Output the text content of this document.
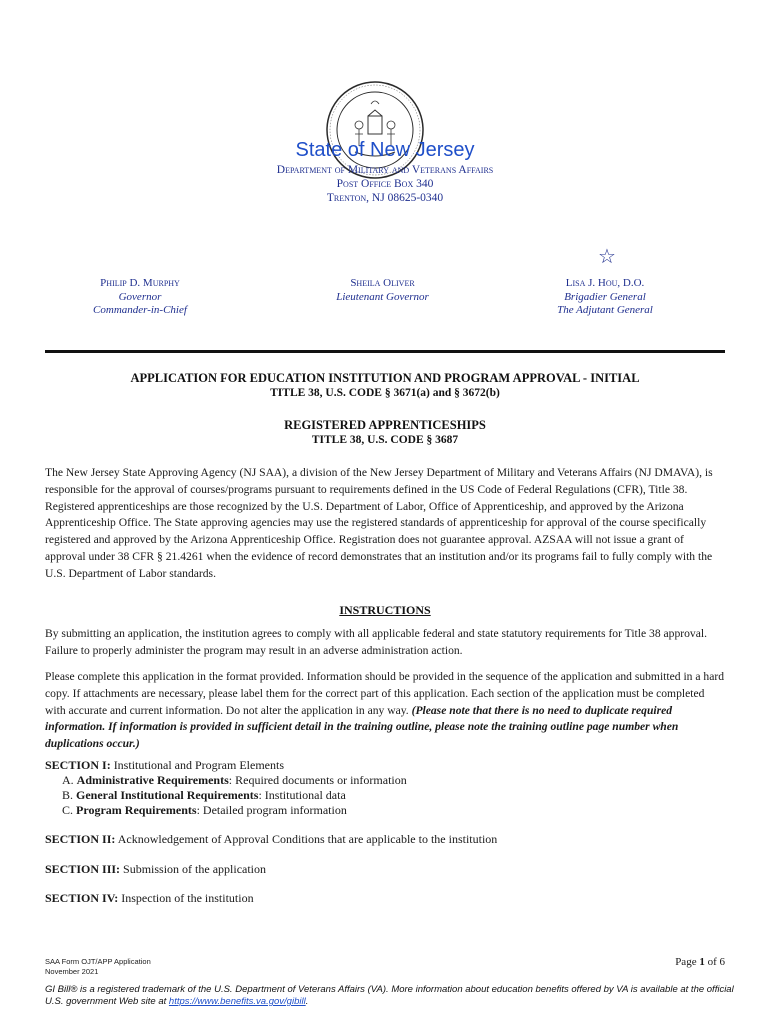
State of New Jersey
Department of Military and Veterans Affairs
Post Office Box 340
Trenton, NJ 08625-0340
☆
Philip D. Murphy
Governor
Commander-in-Chief
Sheila Oliver
Lieutenant Governor
Lisa J. Hou, D.O.
Brigadier General
The Adjutant General
APPLICATION FOR EDUCATION INSTITUTION AND PROGRAM APPROVAL - INITIAL
TITLE 38, U.S. CODE § 3671(a) and § 3672(b)
REGISTERED APPRENTICESHIPS
TITLE 38, U.S. CODE § 3687
The New Jersey State Approving Agency (NJ SAA), a division of the New Jersey Department of Military and Veterans Affairs (NJ DMAVA), is responsible for the approval of courses/programs pursuant to requirements defined in the US Code of Federal Regulations (CFR), Title 38. Registered apprenticeships are those recognized by the U.S. Department of Labor, Office of Apprenticeship, and approved by the Arizona Apprenticeship Office. The State approving agencies may use the registered standards of apprenticeship for approval of the course specifically registered and approved by the Arizona Apprenticeship Office. Registration does not guarantee approval. AZSAA will not issue a grant of approval under 38 CFR § 21.4261 when the evidence of record demonstrates that an institution and/or its programs fail to fully comply with the U.S. Department of Labor standards.
INSTRUCTIONS
By submitting an application, the institution agrees to comply with all applicable federal and state statutory requirements for Title 38 approval. Failure to properly administer the program may result in an adverse administration action.
Please complete this application in the format provided. Information should be provided in the sequence of the application and submitted in a hard copy. If attachments are necessary, please label them for the correct part of this application. Each section of the application must be completed with accurate and current information. Do not alter the application in any way. (Please note that there is no need to duplicate required information. If information is provided in sufficient detail in the training outline, please note the training outline page number when duplications occur.)
SECTION I: Institutional and Program Elements
A. Administrative Requirements: Required documents or information
B. General Institutional Requirements: Institutional data
C. Program Requirements: Detailed program information
SECTION II: Acknowledgement of Approval Conditions that are applicable to the institution
SECTION III: Submission of the application
SECTION IV: Inspection of the institution
SAA Form OJT/APP Application
November 2021
Page 1 of 6
GI Bill® is a registered trademark of the U.S. Department of Veterans Affairs (VA). More information about education benefits offered by VA is available at the official U.S. government Web site at https://www.benefits.va.gov/gibill.
